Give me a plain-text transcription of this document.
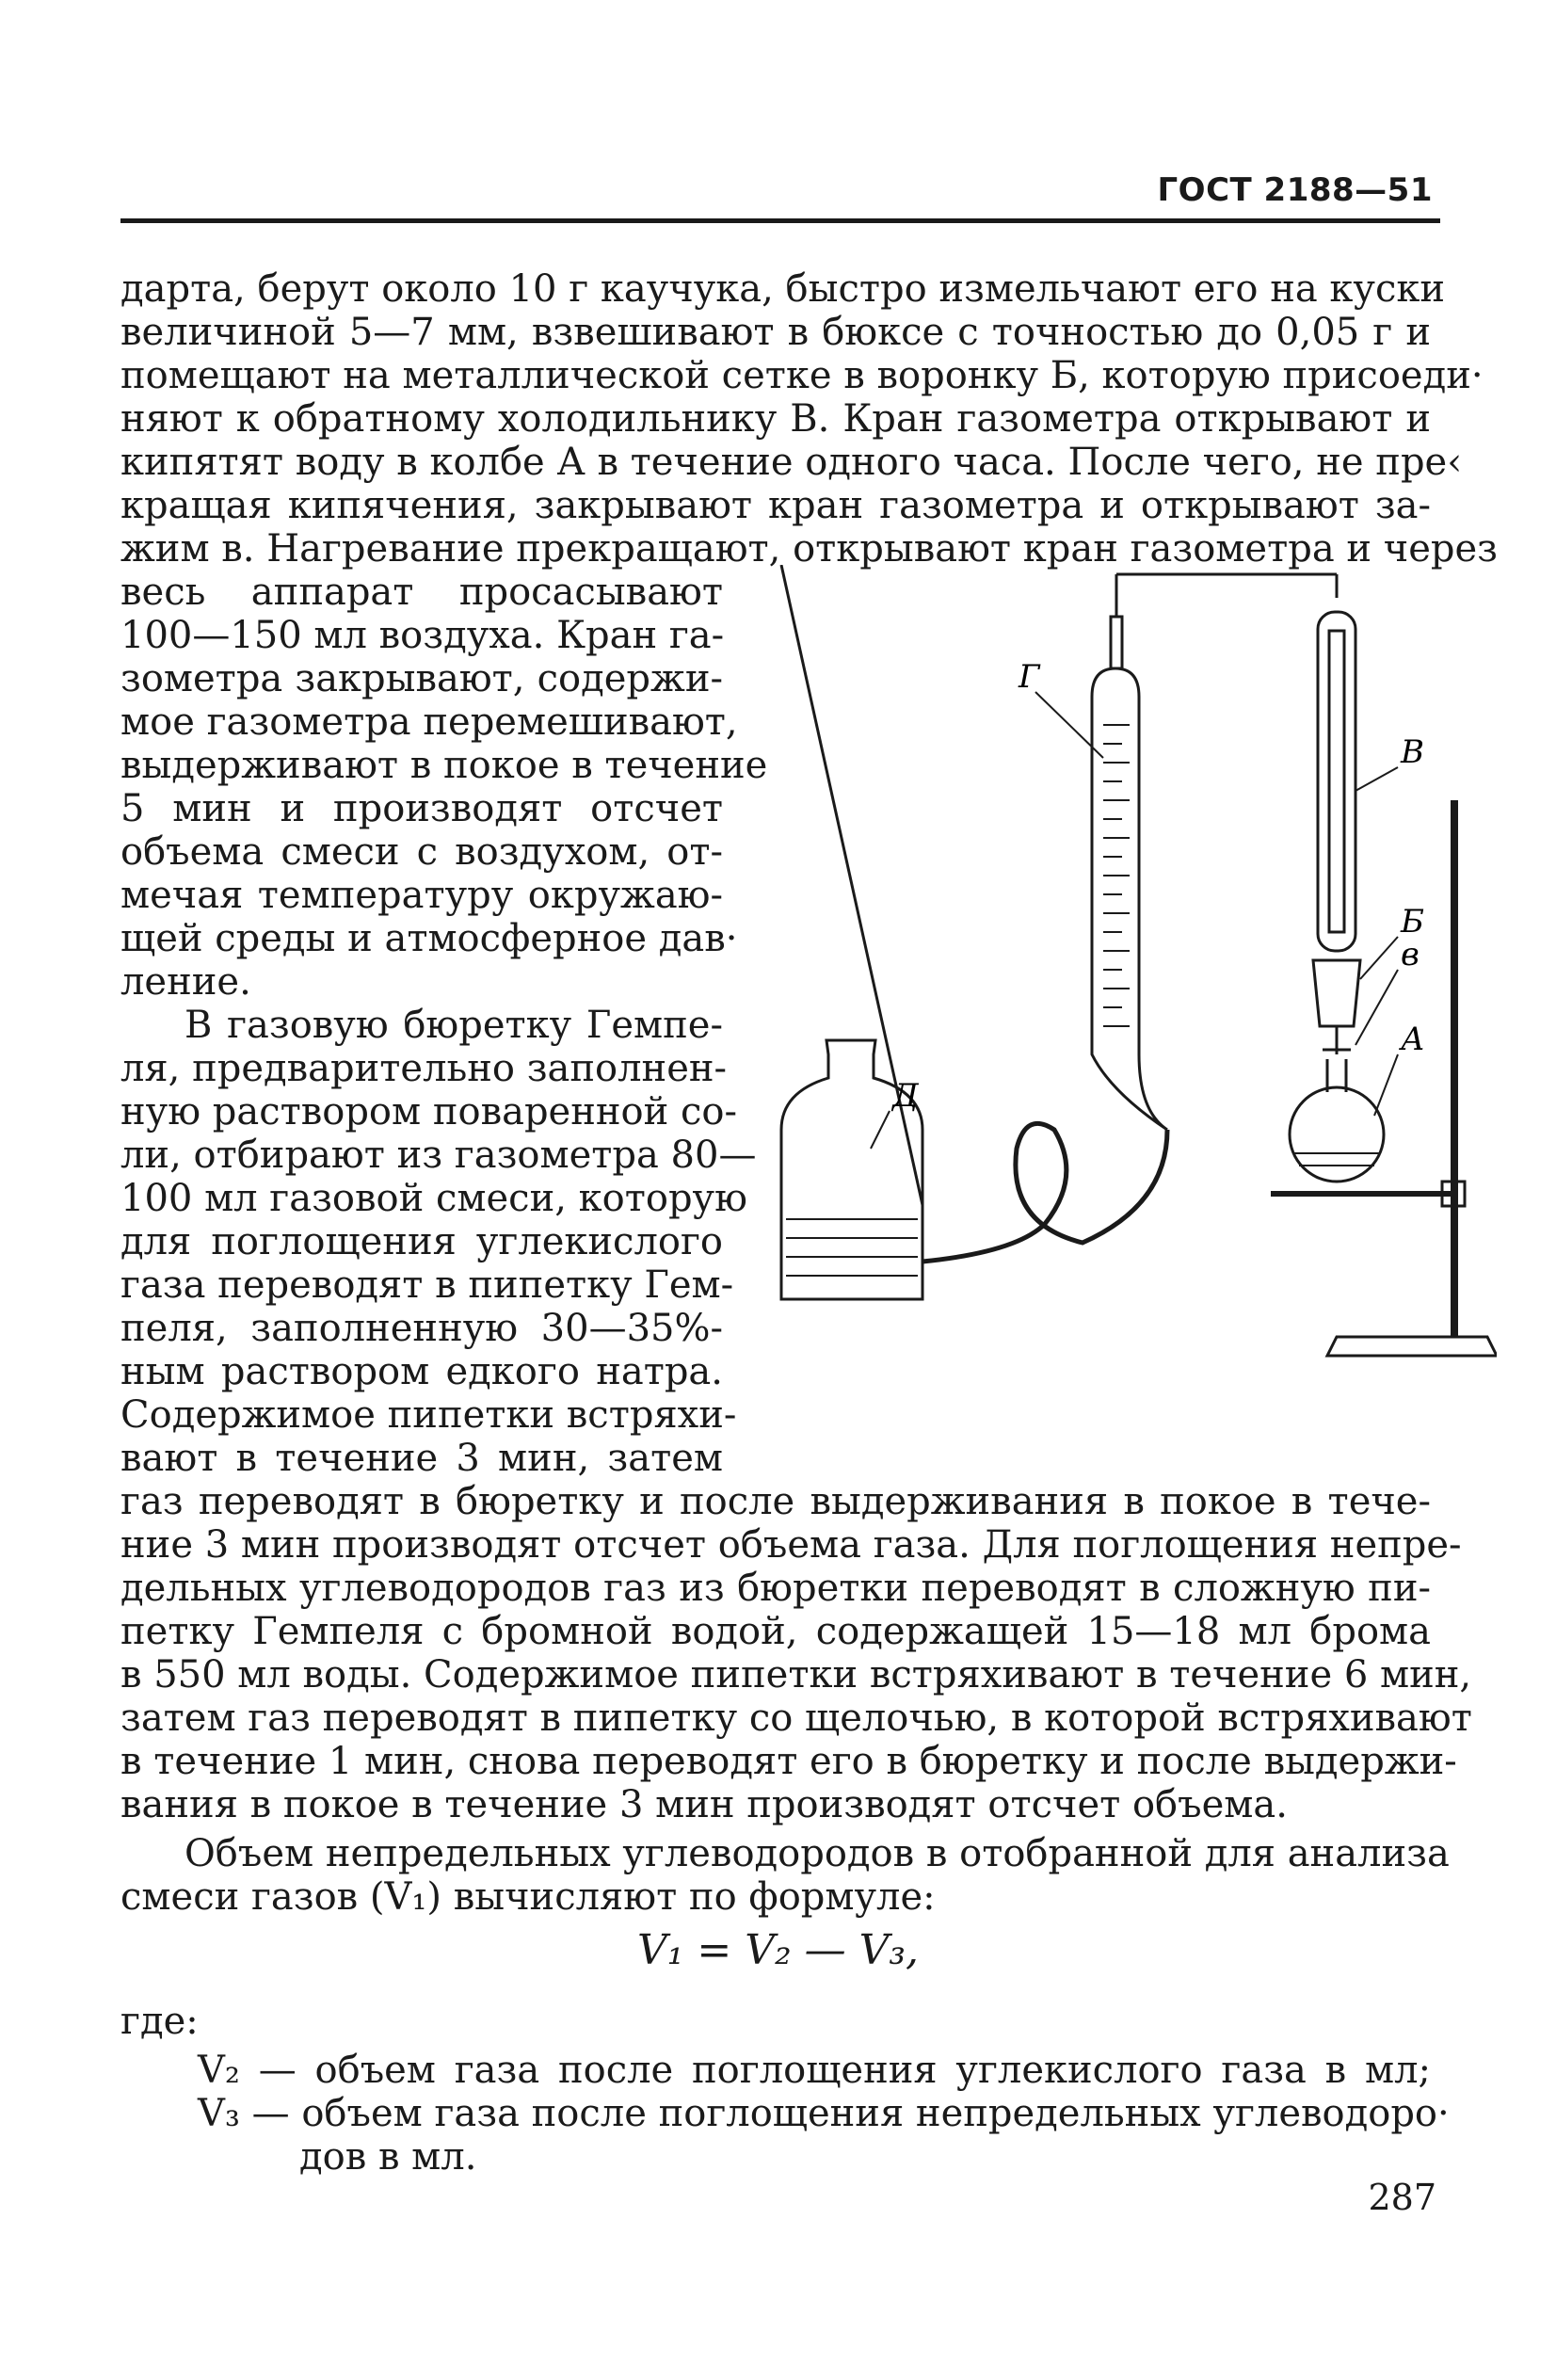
ГОСТ 2188—51
дарта, берут около 10 г каучука, быстро измельчают его на куски
величиной 5—7 мм, взвешивают в бюксе с точностью до 0,05 г и
помещают на металлической сетке в воронку Б, которую присоеди·
няют к обратному холодильнику В. Кран газометра открывают и
кипятят воду в колбе А в течение одного часа. После чего, не пре‹
кращая кипячения, закрывают кран газометра и открывают за-
жим в. Нагревание прекращают, открывают кран газометра и через
весь аппарат просасывают
100—150 мл воздуха. Кран га-
зометра закрывают, содержи-
мое газометра перемешивают,
выдерживают в покое в течение
5 мин и производят отсчет
объема смеси с воздухом, от-
мечая температуру окружаю-
щей среды и атмосферное дав·
ление.
В газовую бюретку Гемпе-
ля, предварительно заполнен-
ную раствором поваренной со-
ли, отбирают из газометра 80—
100 мл газовой смеси, которую
для поглощения углекислого
газа переводят в пипетку Гем-
пеля, заполненную 30—35%-
ным раствором едкого натра.
Содержимое пипетки встряхи-
вают в течение 3 мин, затем
газ переводят в бюретку и после выдерживания в покое в тече-
ние 3 мин производят отсчет объема газа. Для поглощения непре-
дельных углеводородов газ из бюретки переводят в сложную пи-
петку Гемпеля с бромной водой, содержащей 15—18 мл брома
в 550 мл воды. Содержимое пипетки встряхивают в течение 6 мин,
затем газ переводят в пипетку со щелочью, в которой встряхивают
в течение 1 мин, снова переводят его в бюретку и после выдержи-
вания в покое в течение 3 мин производят отсчет объема.
Объем непредельных углеводородов в отобранной для анализа
смеси газов (V₁) вычисляют по формуле:
V₁ = V₂ — V₃,
где:
V₂ — объем газа после поглощения углекислого газа в мл;
V₃ — объем газа после поглощения непредельных углеводоро·
дов в мл.
287
Г
В
Б
в
А
Д
